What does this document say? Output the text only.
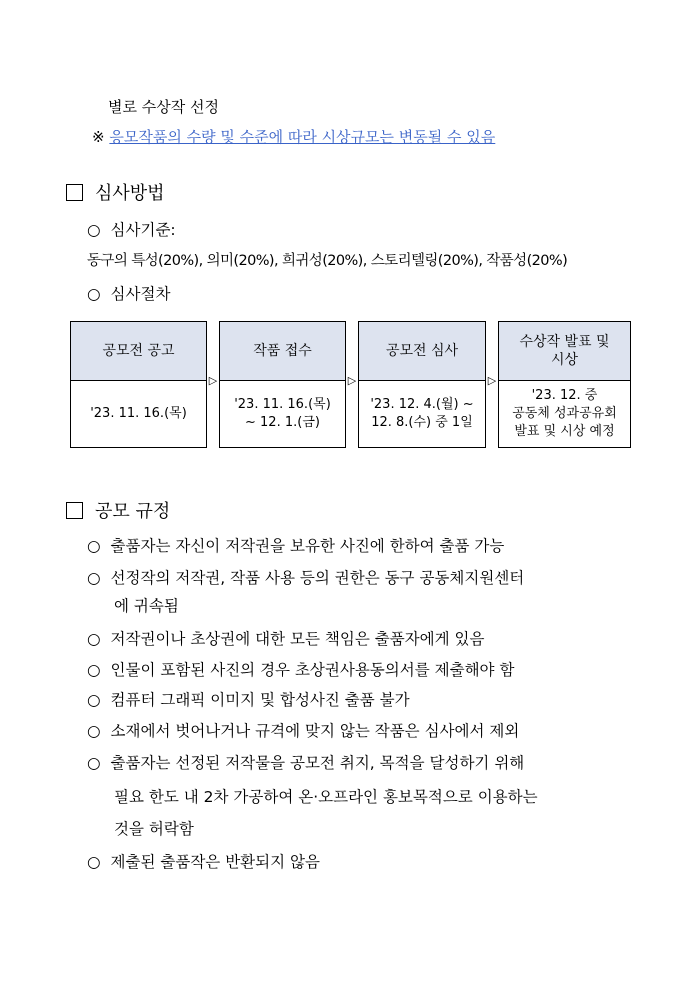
별로 수상작 선정
※ 응모작품의 수량 및 수준에 따라 시상규모는 변동될 수 있음
심사방법
○ 심사기준:
동구의 특성(20%), 의미(20%), 희귀성(20%), 스토리텔링(20%), 작품성(20%)
○ 심사절차
공모전 공고
'23. 11. 16.(목)
▷
작품 접수
'23. 11. 16.(목)
~ 12. 1.(금)
▷
공모전 심사
'23. 12. 4.(월) ~
12. 8.(수) 중 1일
▷
수상작 발표 및
시상
'23. 12. 중
공동체 성과공유회
발표 및 시상 예정
공모 규정
○ 출품자는 자신이 저작권을 보유한 사진에 한하여 출품 가능
○ 선정작의 저작권, 작품 사용 등의 권한은 동구 공동체지원센터
에 귀속됨
○ 저작권이나 초상권에 대한 모든 책임은 출품자에게 있음
○ 인물이 포함된 사진의 경우 초상권사용동의서를 제출해야 함
○ 컴퓨터 그래픽 이미지 및 합성사진 출품 불가
○ 소재에서 벗어나거나 규격에 맞지 않는 작품은 심사에서 제외
○ 출품자는 선정된 저작물을 공모전 취지, 목적을 달성하기 위해
필요 한도 내 2차 가공하여 온·오프라인 홍보목적으로 이용하는
것을 허락함
○ 제출된 출품작은 반환되지 않음
